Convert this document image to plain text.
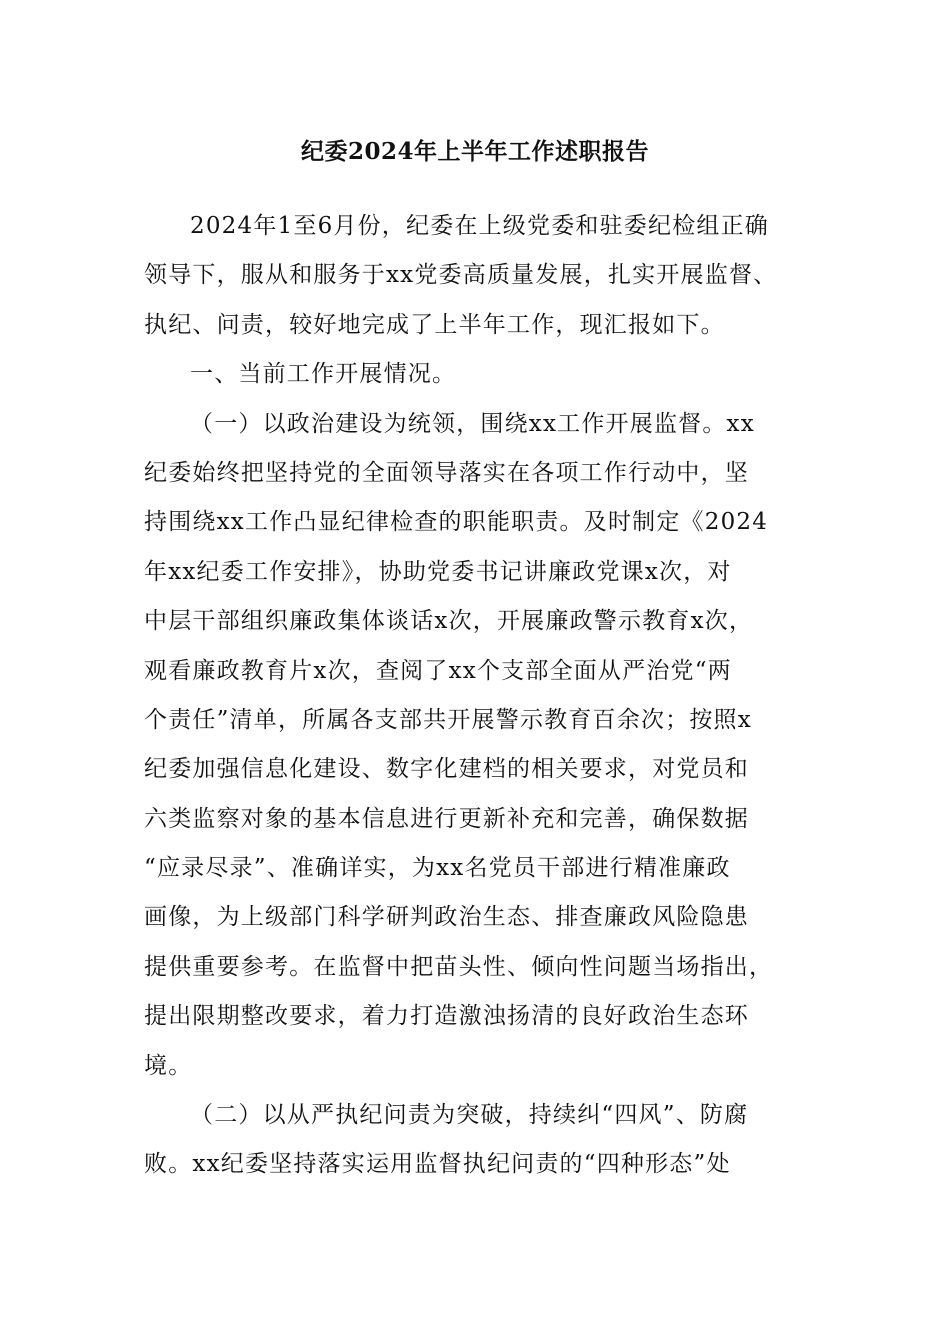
纪委2024年上半年工作述职报告
2024年1至6月份，纪委在上级党委和驻委纪检组正确
领导下，服从和服务于xx党委高质量发展，扎实开展监督、
执纪、问责，较好地完成了上半年工作，现汇报如下。
一、当前工作开展情况。
（一）以政治建设为统领，围绕xx工作开展监督。xx
纪委始终把坚持党的全面领导落实在各项工作行动中，坚
持围绕xx工作凸显纪律检查的职能职责。及时制定《2024
年xx纪委工作安排》，协助党委书记讲廉政党课x次，对
中层干部组织廉政集体谈话x次，开展廉政警示教育x次，
观看廉政教育片x次，查阅了xx个支部全面从严治党“两
个责任”清单，所属各支部共开展警示教育百余次；按照x
纪委加强信息化建设、数字化建档的相关要求，对党员和
六类监察对象的基本信息进行更新补充和完善，确保数据
“应录尽录”、准确详实，为xx名党员干部进行精准廉政
画像，为上级部门科学研判政治生态、排查廉政风险隐患
提供重要参考。在监督中把苗头性、倾向性问题当场指出，
提出限期整改要求，着力打造激浊扬清的良好政治生态环
境。
（二）以从严执纪问责为突破，持续纠“四风”、防腐
败。xx纪委坚持落实运用监督执纪问责的“四种形态”处
